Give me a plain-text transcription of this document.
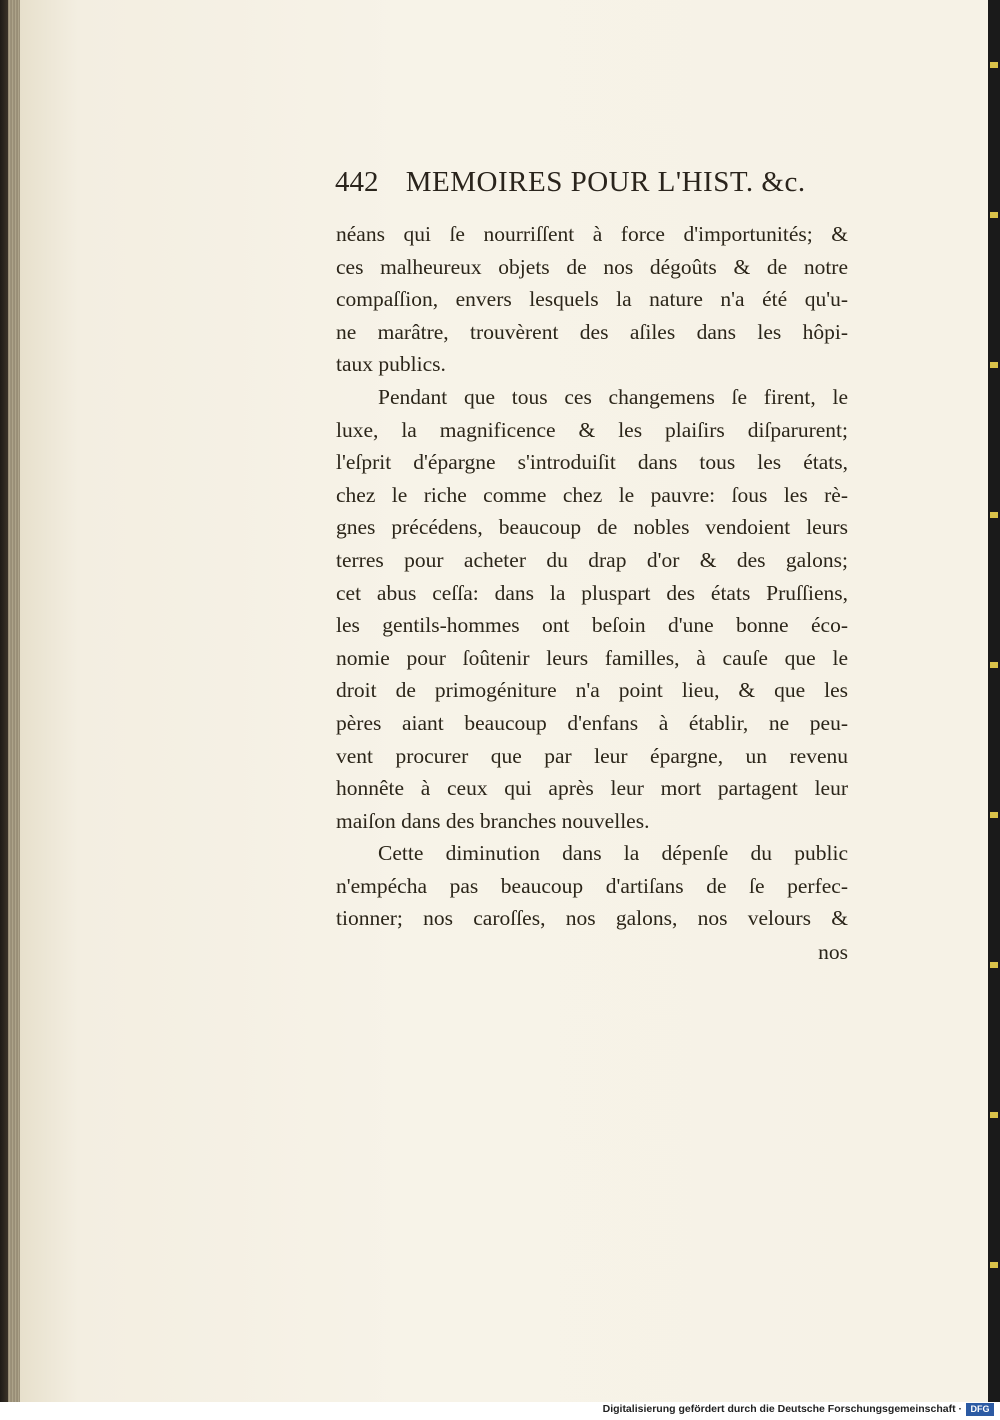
442 MEMOIRES POUR L'HIST. &c.
néans qui ſe nourriſſent à force d'importunités; &
ces malheureux objets de nos dégoûts & de notre
compaſſion, envers lesquels la nature n'a été qu'u-
ne marâtre, trouvèrent des aſiles dans les hôpi-
taux publics.
Pendant que tous ces changemens ſe firent, le
luxe, la magnificence & les plaiſirs diſparurent;
l'eſprit d'épargne s'introduiſit dans tous les états,
chez le riche comme chez le pauvre: ſous les rè-
gnes précédens, beaucoup de nobles vendoient leurs
terres pour acheter du drap d'or & des galons;
cet abus ceſſa: dans la pluspart des états Pruſſiens,
les gentils-hommes ont beſoin d'une bonne éco-
nomie pour ſoûtenir leurs familles, à cauſe que le
droit de primogéniture n'a point lieu, & que les
pères aiant beaucoup d'enfans à établir, ne peu-
vent procurer que par leur épargne, un revenu
honnête à ceux qui après leur mort partagent leur
maiſon dans des branches nouvelles.
Cette diminution dans la dépenſe du public
n'empécha pas beaucoup d'artiſans de ſe perfec-
tionner; nos caroſſes, nos galons, nos velours &
nos
Digitalisierung gefördert durch die Deutsche Forschungsgemeinschaft · DFG
